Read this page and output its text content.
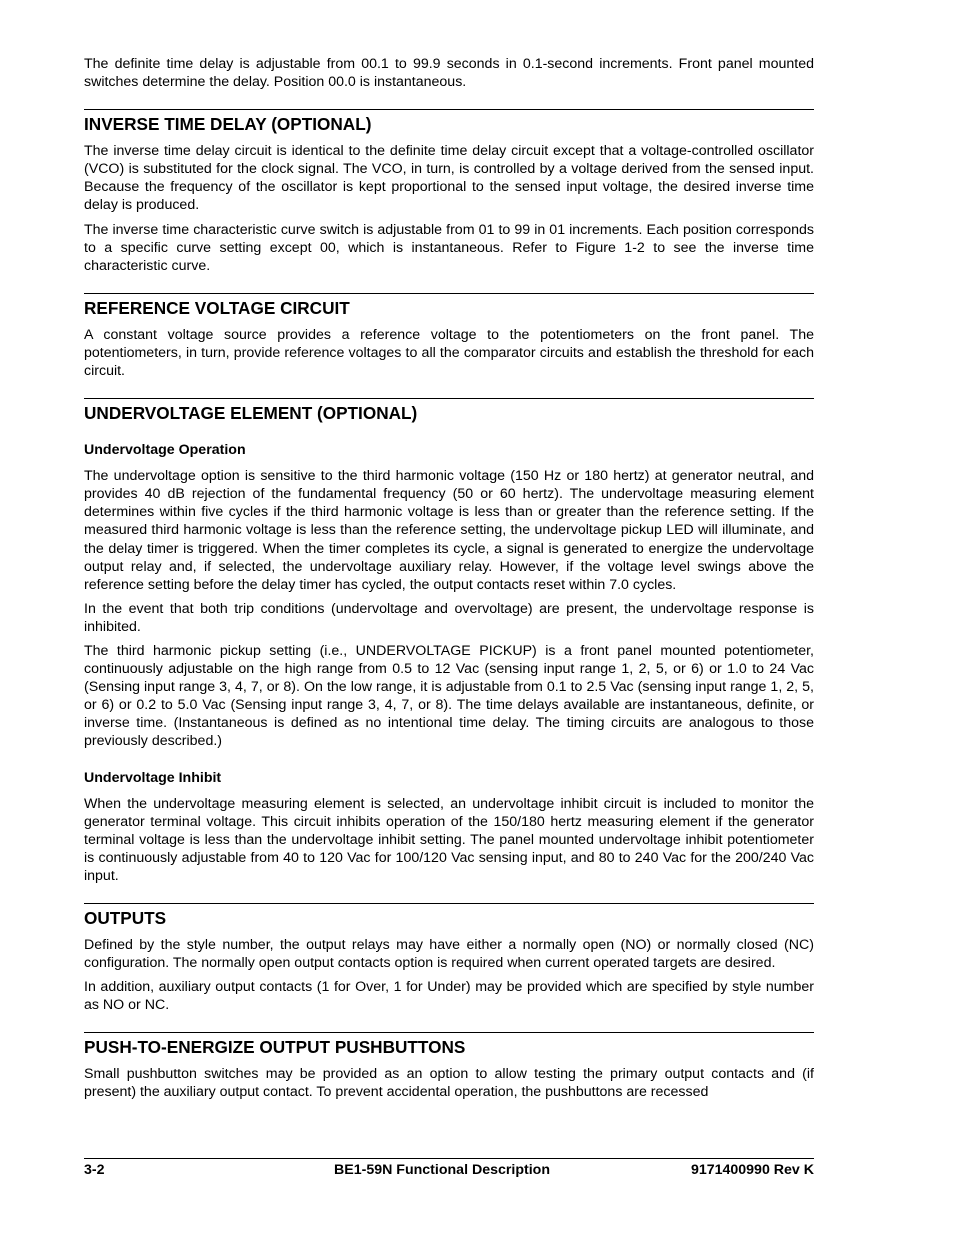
The definite time delay is adjustable from 00.1 to 99.9 seconds in 0.1-second increments. Front panel mounted switches determine the delay. Position 00.0 is instantaneous.

INVERSE TIME DELAY (OPTIONAL)

The inverse time delay circuit is identical to the definite time delay circuit except that a voltage-controlled oscillator (VCO) is substituted for the clock signal. The VCO, in turn, is controlled by a voltage derived from the sensed input. Because the frequency of the oscillator is kept proportional to the sensed input voltage, the desired inverse time delay is produced.

The inverse time characteristic curve switch is adjustable from 01 to 99 in 01 increments. Each position corresponds to a specific curve setting except 00, which is instantaneous. Refer to Figure 1-2 to see the inverse time characteristic curve.

REFERENCE VOLTAGE CIRCUIT

A constant voltage source provides a reference voltage to the potentiometers on the front panel. The potentiometers, in turn, provide reference voltages to all the comparator circuits and establish the threshold for each circuit.

UNDERVOLTAGE ELEMENT (OPTIONAL)
Undervoltage Operation

The undervoltage option is sensitive to the third harmonic voltage (150 Hz or 180 hertz) at generator neutral, and provides 40 dB rejection of the fundamental frequency (50 or 60 hertz). The undervoltage measuring element determines within five cycles if the third harmonic voltage is less than or greater than the reference setting. If the measured third harmonic voltage is less than the reference setting, the undervoltage pickup LED will illuminate, and the delay timer is triggered. When the timer completes its cycle, a signal is generated to energize the undervoltage output relay and, if selected, the undervoltage auxiliary relay. However, if the voltage level swings above the reference setting before the delay timer has cycled, the output contacts reset within 7.0 cycles.

In the event that both trip conditions (undervoltage and overvoltage) are present, the undervoltage response is inhibited.

The third harmonic pickup setting (i.e., UNDERVOLTAGE PICKUP) is a front panel mounted potentiometer, continuously adjustable on the high range from 0.5 to 12 Vac (sensing input range 1, 2, 5, or 6) or 1.0 to 24 Vac (Sensing input range 3, 4, 7, or 8). On the low range, it is adjustable from 0.1 to 2.5 Vac (sensing input range 1, 2, 5, or 6) or 0.2 to 5.0 Vac (Sensing input range 3, 4, 7, or 8). The time delays available are instantaneous, definite, or inverse time. (Instantaneous is defined as no intentional time delay. The timing circuits are analogous to those previously described.)

Undervoltage Inhibit

When the undervoltage measuring element is selected, an undervoltage inhibit circuit is included to monitor the generator terminal voltage. This circuit inhibits operation of the 150/180 hertz measuring element if the generator terminal voltage is less than the undervoltage inhibit setting. The panel mounted undervoltage inhibit potentiometer is continuously adjustable from 40 to 120 Vac for 100/120 Vac sensing input, and 80 to 240 Vac for the 200/240 Vac input.

OUTPUTS

Defined by the style number, the output relays may have either a normally open (NO) or normally closed (NC) configuration. The normally open output contacts option is required when current operated targets are desired.

In addition, auxiliary output contacts (1 for Over, 1 for Under) may be provided which are specified by style number as NO or NC.

PUSH-TO-ENERGIZE OUTPUT PUSHBUTTONS

Small pushbutton switches may be provided as an option to allow testing the primary output contacts and (if present) the auxiliary output contact. To prevent accidental operation, the pushbuttons are recessed

3-2	BE1-59N Functional Description	9171400990 Rev K
